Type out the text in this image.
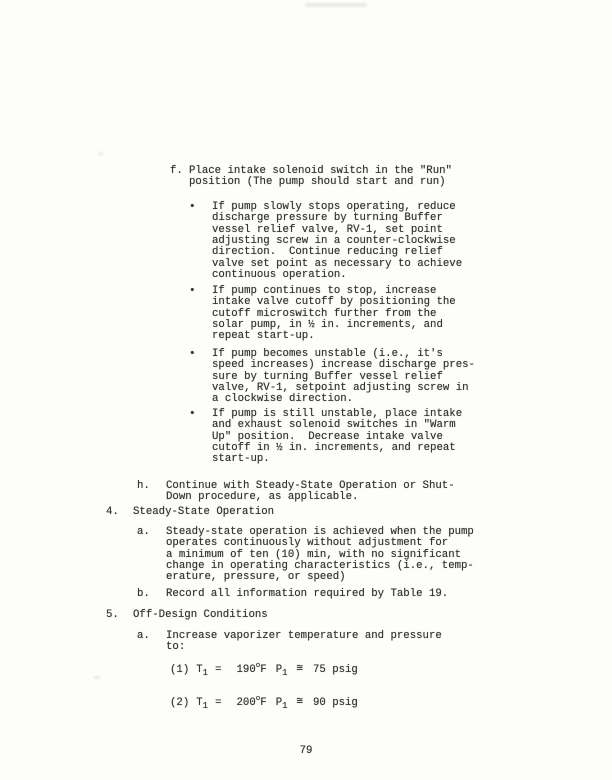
f. Place intake solenoid switch in the "Run"
position (The pump should start and run)
• If pump slowly stops operating, reduce
discharge pressure by turning Buffer
vessel relief valve, RV-1, set point
adjusting screw in a counter-clockwise
direction.  Continue reducing relief
valve set point as necessary to achieve
continuous operation.
• If pump continues to stop, increase
intake valve cutoff by positioning the
cutoff microswitch further from the
solar pump, in ½ in. increments, and
repeat start-up.
• If pump becomes unstable (i.e., it's
speed increases) increase discharge pres-
sure by turning Buffer vessel relief
valve, RV-1, setpoint adjusting screw in
a clockwise direction.
• If pump is still unstable, place intake
and exhaust solenoid switches in "Warm
Up" position.  Decrease intake valve
cutoff in ½ in. increments, and repeat
start-up.
h. Continue with Steady-State Operation or Shut-
Down procedure, as applicable.
4. Steady-State Operation
a. Steady-state operation is achieved when the pump
operates continuously without adjustment for
a minimum of ten (10) min, with no significant
change in operating characteristics (i.e., temp-
erature, pressure, or speed)
b. Record all information required by Table 19.
5. Off-Design Conditions
a. Increase vaporizer temperature and pressure
to:
(1) T1 = 190oF P1 ≅ 75 psig
(2) T1 = 200oF P1 ≅ 90 psig
79
